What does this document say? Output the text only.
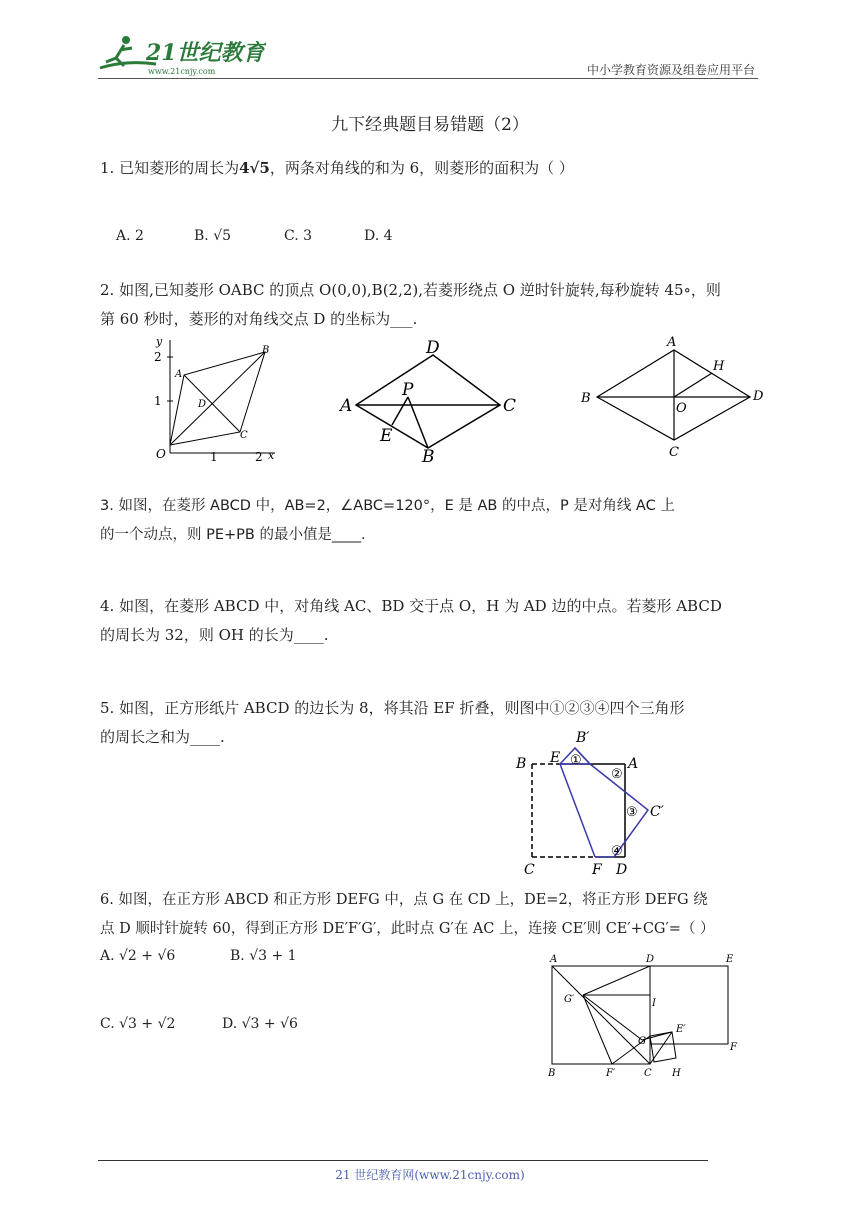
21世纪教育
www.21cnjy.com	中小学教育资源及组卷应用平台
九下经典题目易错题（2）
1. 已知菱形的周长为4√5，两条对角线的和为 6，则菱形的面积为（ ）
A. 2	B. √5	C. 3	D. 4
2. 如图,已知菱形 OABC 的顶点 O(0,0),B(2,2),若菱形绕点 O 逆时针旋转,每秒旋转 45∘，则
第 60 秒时，菱形的对角线交点 D 的坐标为___.
y
x
O
A
B
C
D
1
2
1	2
D
A	C
B
P
E
A
B	D
C
H
O
3. 如图，在菱形 ABCD 中，AB=2，∠ABC=120°，E 是 AB 的中点，P 是对角线 AC 上
的一个动点，则 PE+PB 的最小值是____.
4. 如图，在菱形 ABCD 中，对角线 AC、BD 交于点 O，H 为 AD 边的中点。若菱形 ABCD
的周长为 32，则 OH 的长为____.
5. 如图，正方形纸片 ABCD 的边长为 8，将其沿 EF 折叠，则图中①②③④四个三角形
的周长之和为____.	B′
B E	A
C′
C	F D
①
②
③
④
6. 如图，在正方形 ABCD 和正方形 DEFG 中，点 G 在 CD 上，DE=2，将正方形 DEFG 绕
点 D 顺时针旋转 60，得到正方形 DE′F′G′，此时点 G′在 AC 上，连接 CE′则 CE′+CG′=（ ）
A. √2 + √6	B. √3 + 1
C. √3 + √2	D. √3 + √6
A	D	E
G′	I
G
E′
F
B	F′	C H
21 世纪教育网(www.21cnjy.com)
